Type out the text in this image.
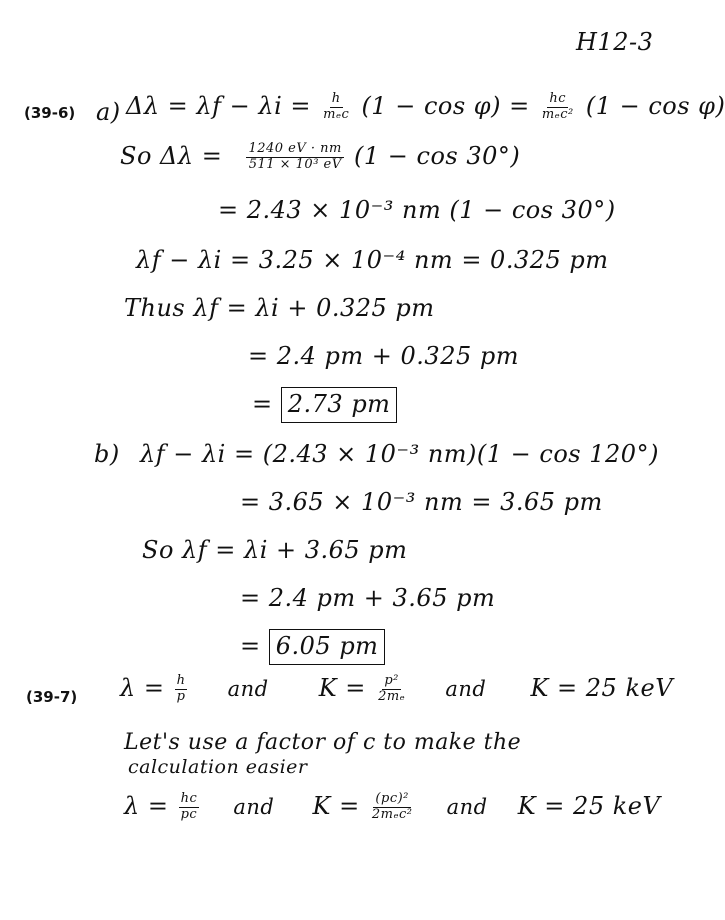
H12-3
(39-6) a) $\Delta\lambda = \lambda f - \lambda i = \frac{h}{\text{mₑc}} (1 - \cos \varphi) = \frac{hc}{\text{mₑc²}} (1 - \cos \varphi)$
So $\Delta\lambda = \frac{1240 eV \cdot nm}{\text{511 × 10³ eV}} (1 - \cos 30^\circ)$
= 2.43 × 10⁻³ nm (1 − cos 30°)
λf − λi = 3.25 × 10⁻⁴ nm = 0.325 pm
Thus λf = λi + 0.325 pm
= 2.4 pm + 0.325 pm
= 2.73 pm
b) λf − λi = (2.43 × 10⁻³ nm)(1 − cos 120°)
= 3.65 × 10⁻³ nm = 3.65 pm
So λf = λi + 3.65 pm
= 2.4 pm + 3.65 pm
= 6.05 pm
(39-7) $\lambda = \frac{h}{p}$ and $K = \frac{\text{p²}}{\text{2mₑ}}$ and K = 25 keV
Let's use a factor of c to make the
calculation easier
$\lambda = \frac{hc}{pc}$ and $K = \frac{\text{(pc)²}}{\text{2mₑc²}}$ and K = 25 keV
